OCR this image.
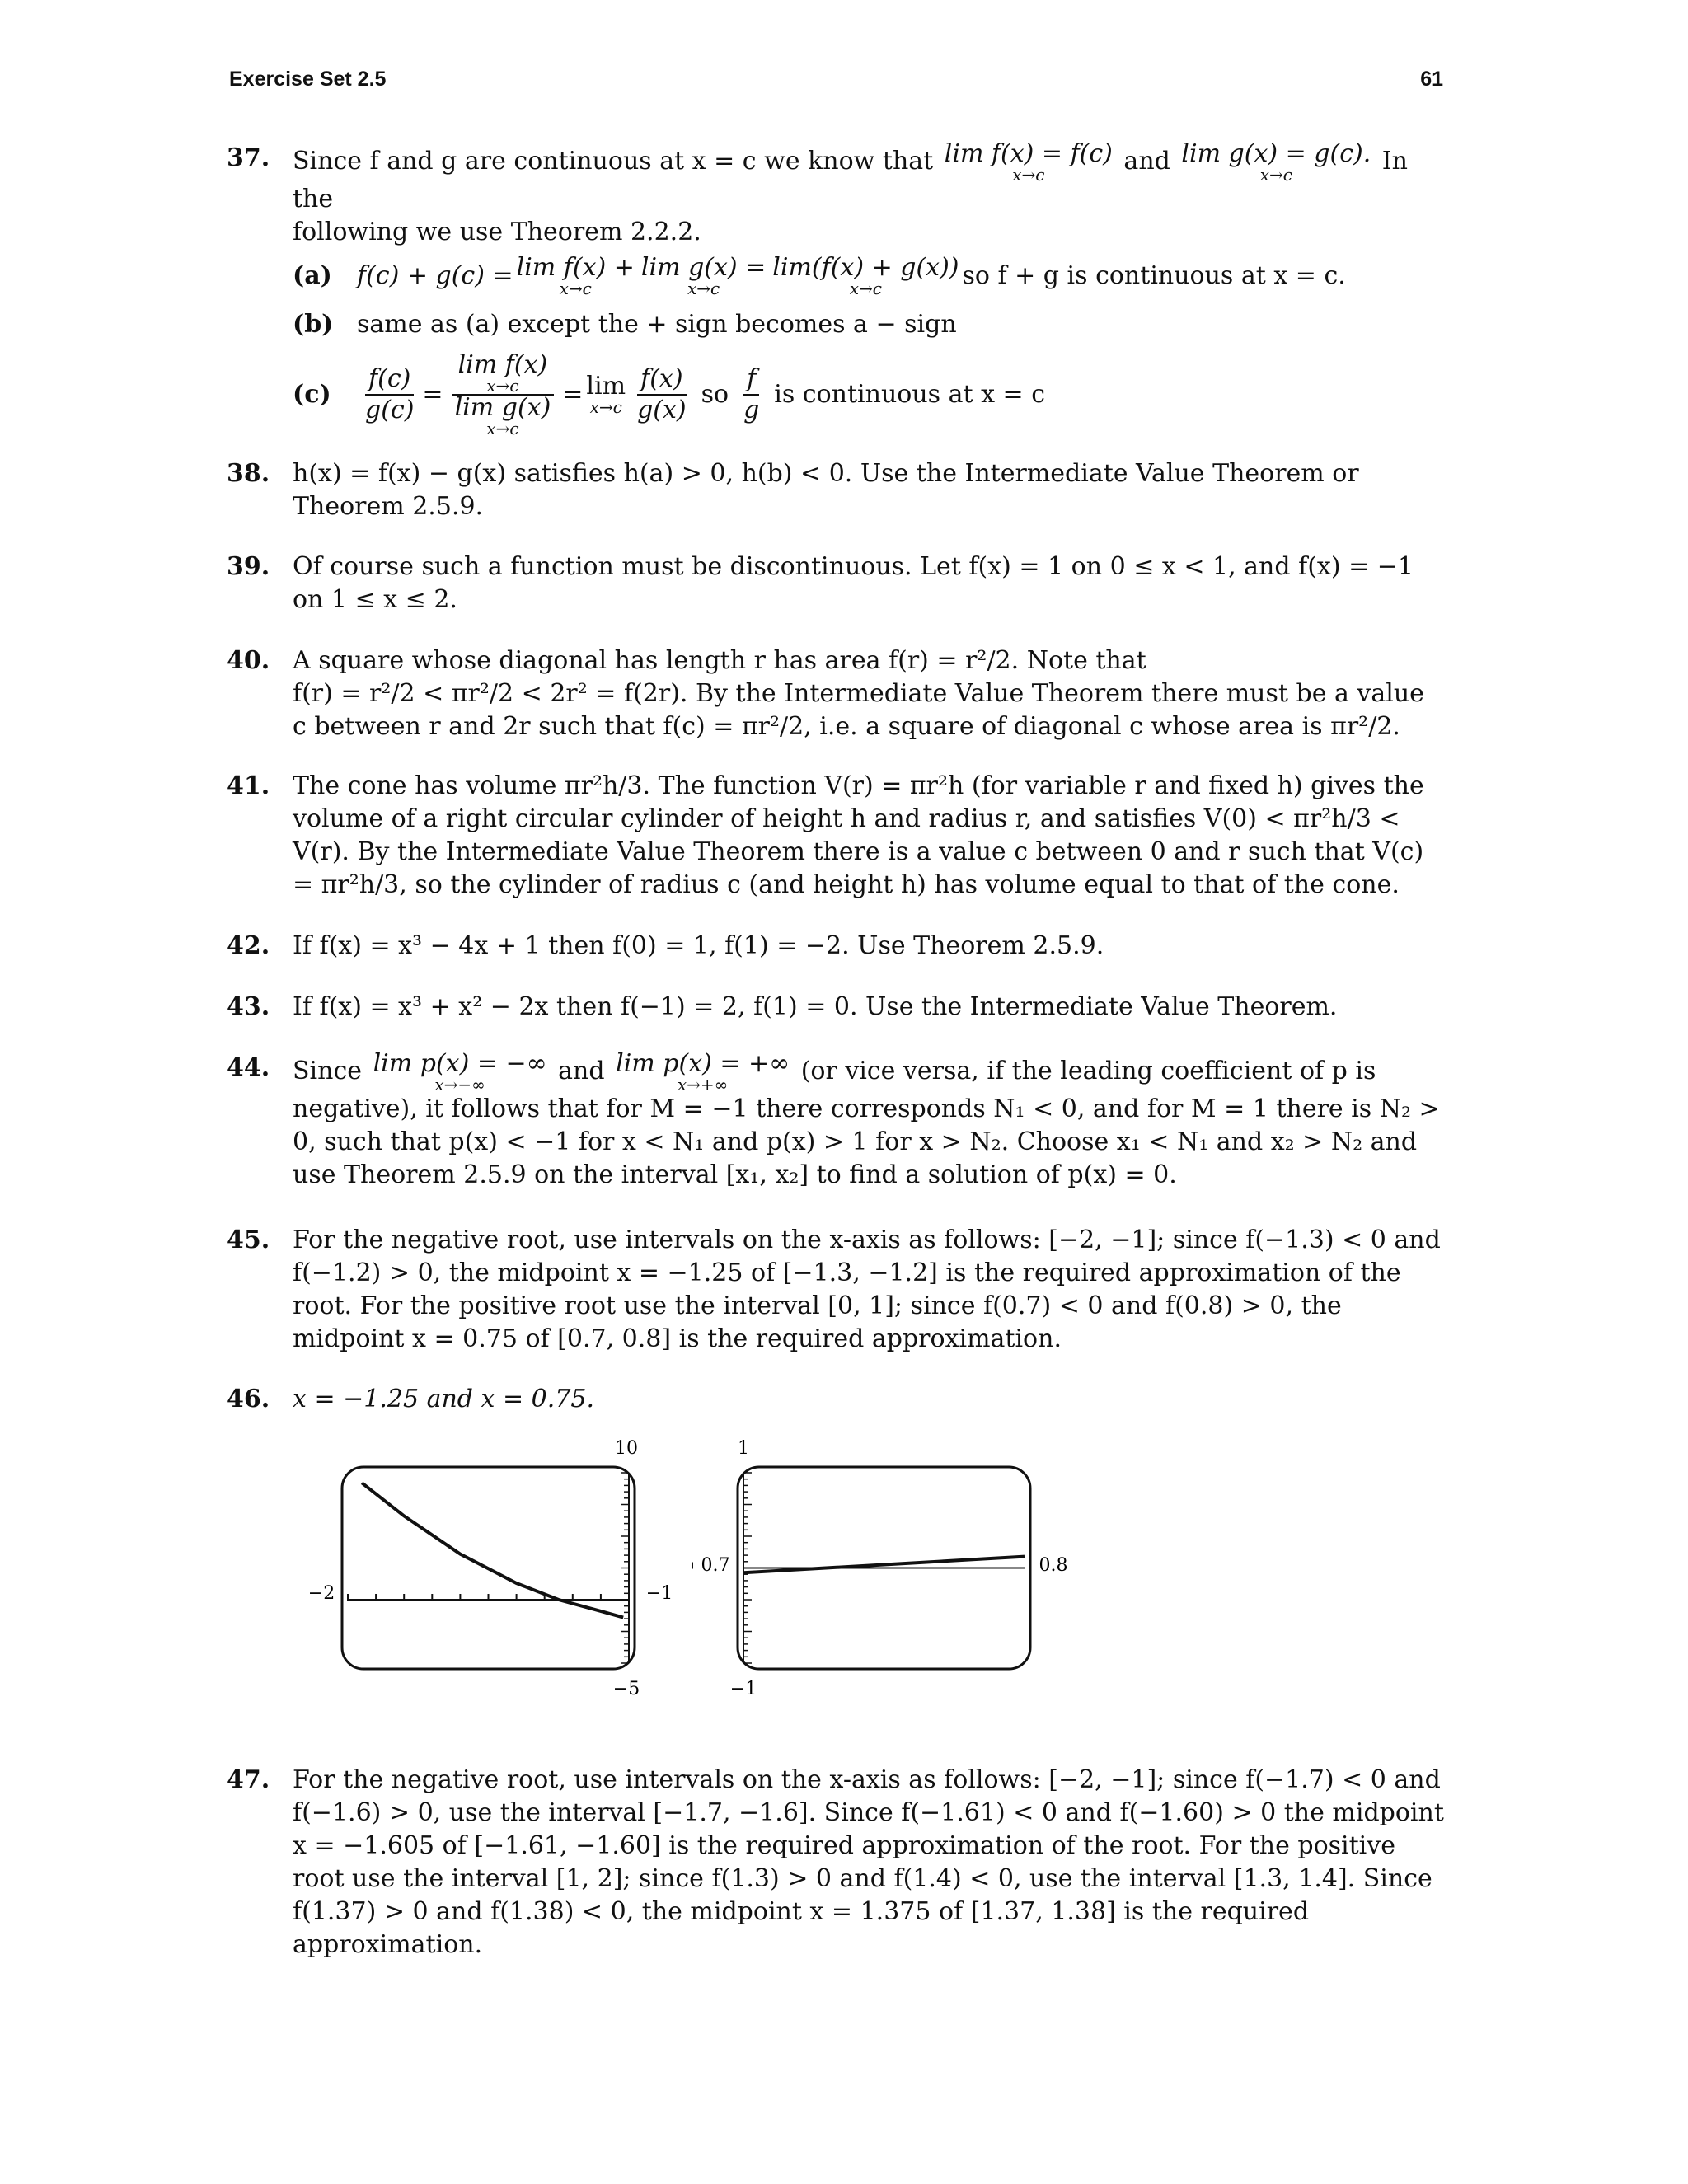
Exercise Set 2.5	61
37. Since f and g are continuous at x = c we know that lim f(x) = f(c)
x→c	and lim g(x) = g(c).
x→c	In the
following we use Theorem 2.2.2.
(a)	f(c) + g(c) = lim f(x) +
x→c
lim g(x) =
x→c
lim(f(x) + g(x))
x→c	so f + g is continuous at x = c.
(b) same as (a) except the + sign becomes a − sign
(c)	$\frac{f(c)}{g(c)} = \lim f(x)$
x→c
lim g(x)
x→c = lim
$x\to c \frac{f(x)}{g(x)}$ so $\frac{f}{g}$ is continuous at x = c
38. h(x) = f(x) − g(x) satisfies h(a) > 0, h(b) < 0. Use the Intermediate Value Theorem or Theorem 2.5.9.
39. Of course such a function must be discontinuous. Let f(x) = 1 on 0 ≤ x < 1, and f(x) = −1 on 1 ≤ x ≤ 2.
40. A square whose diagonal has length r has area f(r) = r²/2. Note that
f(r) = r²/2 < πr²/2 < 2r² = f(2r). By the Intermediate Value Theorem there must be a value
c between r and 2r such that f(c) = πr²/2, i.e. a square of diagonal c whose area is πr²/2.
41. The cone has volume πr²h/3. The function V(r) = πr²h (for variable r and fixed h) gives the volume of a right circular cylinder of height h and radius r, and satisfies V(0) < πr²h/3 < V(r). By the Intermediate Value Theorem there is a value c between 0 and r such that V(c) = πr²h/3, so the cylinder of radius c (and height h) has volume equal to that of the cone.
42. If f(x) = x³ − 4x + 1 then f(0) = 1, f(1) = −2. Use Theorem 2.5.9.
43. If f(x) = x³ + x² − 2x then f(−1) = 2, f(1) = 0. Use the Intermediate Value Theorem.
44. Since lim p(x) = −∞
x→−∞	and lim p(x) = +∞
x→+∞	(or vice versa, if the leading coefficient of p is
negative), it follows that for M = −1 there corresponds N₁ < 0, and for M = 1 there is N₂ > 0, such that p(x) < −1 for x < N₁ and p(x) > 1 for x > N₂. Choose x₁ < N₁ and x₂ > N₂ and use Theorem 2.5.9 on the interval [x₁, x₂] to find a solution of p(x) = 0.
45. For the negative root, use intervals on the x-axis as follows: [−2, −1]; since f(−1.3) < 0 and f(−1.2) > 0, the midpoint x = −1.25 of [−1.3, −1.2] is the required approximation of the root. For the positive root use the interval [0, 1]; since f(0.7) < 0 and f(0.8) > 0, the midpoint x = 0.75 of [0.7, 0.8] is the required approximation.
46. x = −1.25 and x = 0.75.
10
−5
−2	−1
1
−1
0.7	0.8
47. For the negative root, use intervals on the x-axis as follows: [−2, −1]; since f(−1.7) < 0 and f(−1.6) > 0, use the interval [−1.7, −1.6]. Since f(−1.61) < 0 and f(−1.60) > 0 the midpoint x = −1.605 of [−1.61, −1.60] is the required approximation of the root. For the positive root use the interval [1, 2]; since f(1.3) > 0 and f(1.4) < 0, use the interval [1.3, 1.4]. Since f(1.37) > 0 and f(1.38) < 0, the midpoint x = 1.375 of [1.37, 1.38] is the required approximation.
